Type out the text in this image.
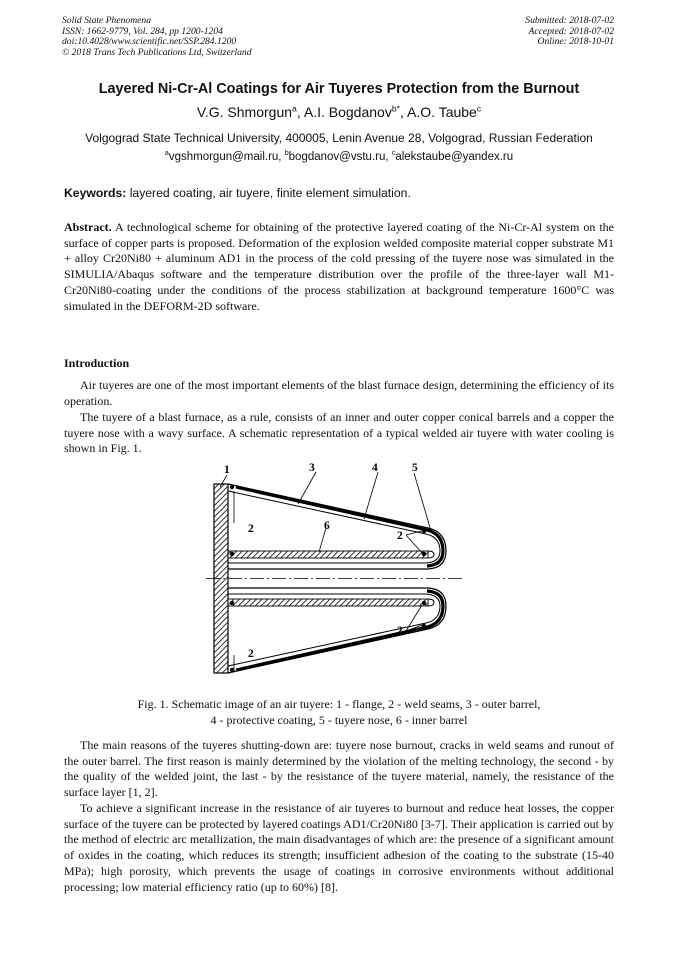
Solid State Phenomena
ISSN: 1662-9779, Vol. 284, pp 1200-1204
doi:10.4028/www.scientific.net/SSP.284.1200
© 2018 Trans Tech Publications Ltd, Switzerland
Submitted: 2018-07-02
Accepted: 2018-07-02
Online: 2018-10-01
Layered Ni-Cr-Al Coatings for Air Tuyeres Protection from the Burnout
V.G. Shmorgun$^a$, A.I. Bogdanov$^{b*}$, A.O. Taube$^c$
Volgograd State Technical University, 400005, Lenin Avenue 28, Volgograd, Russian Federation
$^a$vgshmorgun@mail.ru, $^b$bogdanov@vstu.ru, $^c$alekstaube@yandex.ru
Keywords: layered coating, air tuyere, finite element simulation.
Abstract. A technological scheme for obtaining of the protective layered coating of the Ni-Cr-Al system on the surface of copper parts is proposed. Deformation of the explosion welded composite material copper substrate M1 + alloy Cr20Ni80 + aluminum AD1 in the process of the cold pressing of the tuyere nose was simulated in the SIMULIA/Abaqus software and the temperature distribution over the profile of the three-layer wall M1-Cr20Ni80-coating under the conditions of the process stabilization at background temperature 1600°C was simulated in the DEFORM-2D software.
Introduction
Air tuyeres are one of the most important elements of the blast furnace design, determining the efficiency of its operation.
The tuyere of a blast furnace, as a rule, consists of an inner and outer copper conical barrels and a copper the tuyere nose with a wavy surface. A schematic representation of a typical welded air tuyere with water cooling is shown in Fig. 1.
1	3	4	5
2	6
2
2
2
Fig. 1. Schematic image of an air tuyere: 1 - flange, 2 - weld seams, 3 - outer barrel,
4 - protective coating, 5 - tuyere nose, 6 - inner barrel
The main reasons of the tuyeres shutting-down are: tuyere nose burnout, cracks in weld seams and runout of the outer barrel. The first reason is mainly determined by the violation of the melting technology, the second - by the quality of the welded joint, the last - by the resistance of the tuyere material, namely, the resistance of the surface layer [1, 2].
To achieve a significant increase in the resistance of air tuyeres to burnout and reduce heat losses, the copper surface of the tuyere can be protected by layered coatings AD1/Cr20Ni80 [3-7]. Their application is carried out by the method of electric arc metallization, the main disadvantages of which are: the presence of a significant amount of oxides in the coating, which reduces its strength; insufficient adhesion of the coating to the substrate (15-40 MPa); high porosity, which prevents the usage of coatings in corrosive environments without additional processing; low material efficiency ratio (up to 60%) [8].
